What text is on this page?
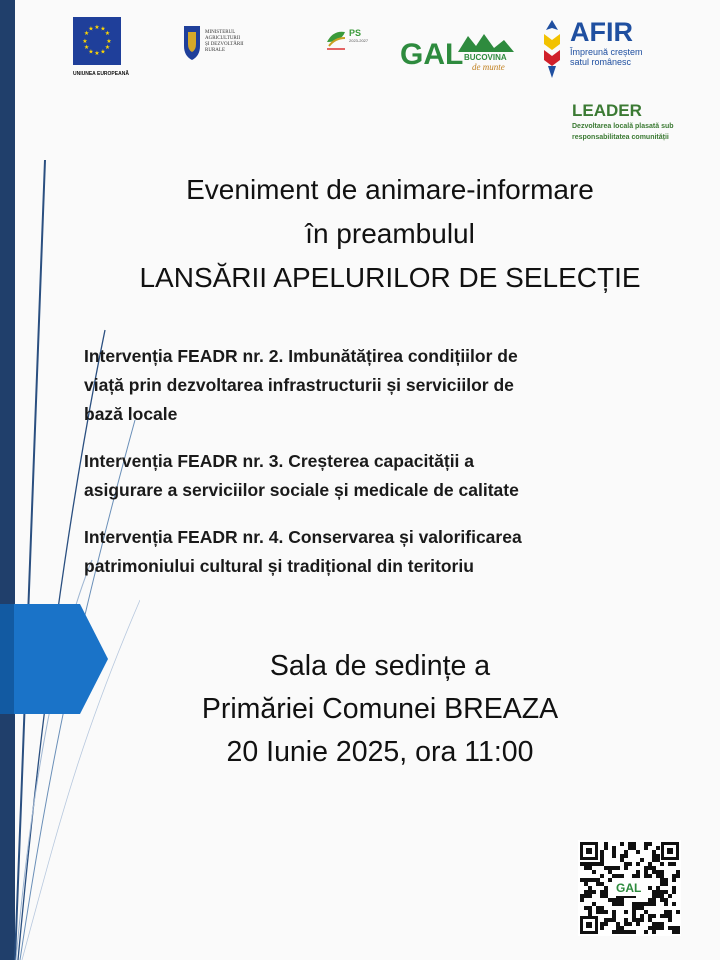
★ ★
★
★
★
★
★
★
★
★
★
★
UNIUNEA EUROPEANĂ
MINISTERUL AGRICULTURII
ȘI DEZVOLTĂRII RURALE
PS
2023-2027 GAL BUCOVINA
de munte
AFIR
Împreună creștem
satul românesc
LEADER
Dezvoltarea locală plasată sub
responsabilitatea comunității
Eveniment de animare-informare
în preambulul
LANSĂRII APELURILOR DE SELECȚIE
Intervenția FEADR nr. 2. Imbunătățirea condițiilor de
viață prin dezvoltarea infrastructurii și serviciilor de
bază locale
Intervenția FEADR nr. 3. Creșterea capacității a
asigurare a serviciilor sociale și medicale de calitate
Intervenția FEADR nr. 4. Conservarea și valorificarea
patrimoniului cultural și tradițional din teritoriu
Sala de sedințe a
Primăriei Comunei BREAZA
20 Iunie 2025, ora 11:00
GAL
